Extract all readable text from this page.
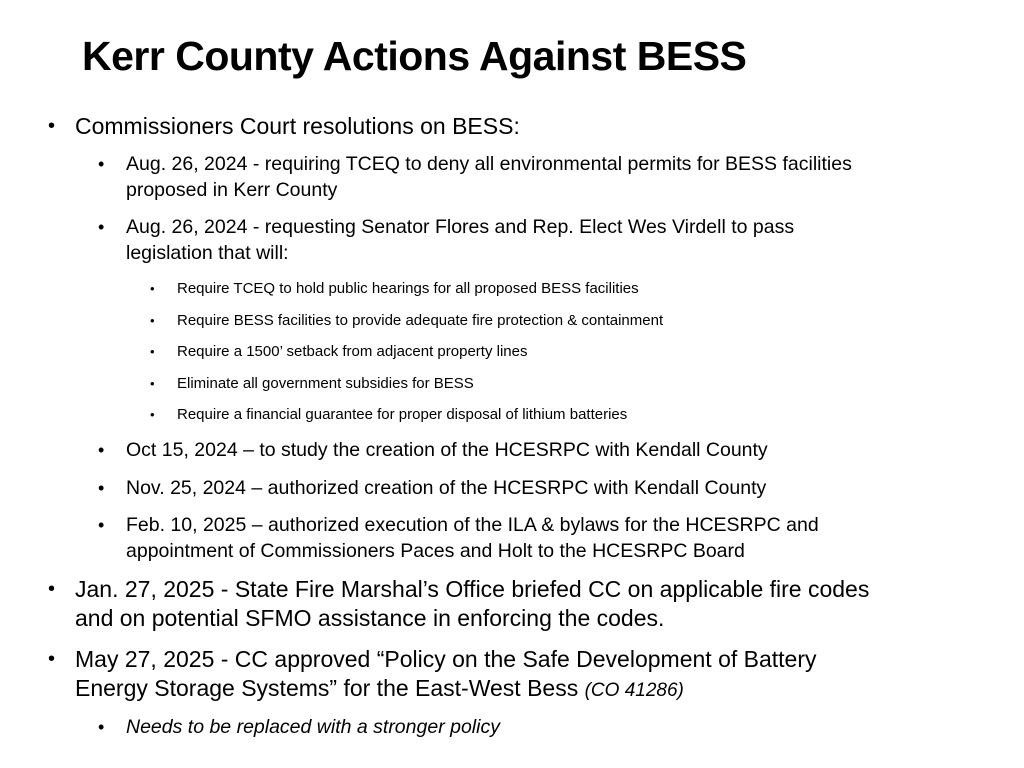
Kerr County Actions Against BESS
• Commissioners Court resolutions on BESS:
• Aug. 26, 2024 - requiring TCEQ to deny all environmental permits for BESS facilities
proposed in Kerr County
• Aug. 26, 2024 - requesting Senator Flores and Rep. Elect Wes Virdell to pass
legislation that will:
• Require TCEQ to hold public hearings for all proposed BESS facilities
• Require BESS facilities to provide adequate fire protection & containment
• Require a 1500’ setback from adjacent property lines
• Eliminate all government subsidies for BESS
• Require a financial guarantee for proper disposal of lithium batteries
• Oct 15, 2024 – to study the creation of the HCESRPC with Kendall County
• Nov. 25, 2024 – authorized creation of the HCESRPC with Kendall County
• Feb. 10, 2025 – authorized execution of the ILA & bylaws for the HCESRPC and
appointment of Commissioners Paces and Holt to the HCESRPC Board
• Jan. 27, 2025 - State Fire Marshal’s Office briefed CC on applicable fire codes
and on potential SFMO assistance in enforcing the codes.
• May 27, 2025 - CC approved “Policy on the Safe Development of Battery
Energy Storage Systems” for the East-West Bess (CO 41286)
• Needs to be replaced with a stronger policy
